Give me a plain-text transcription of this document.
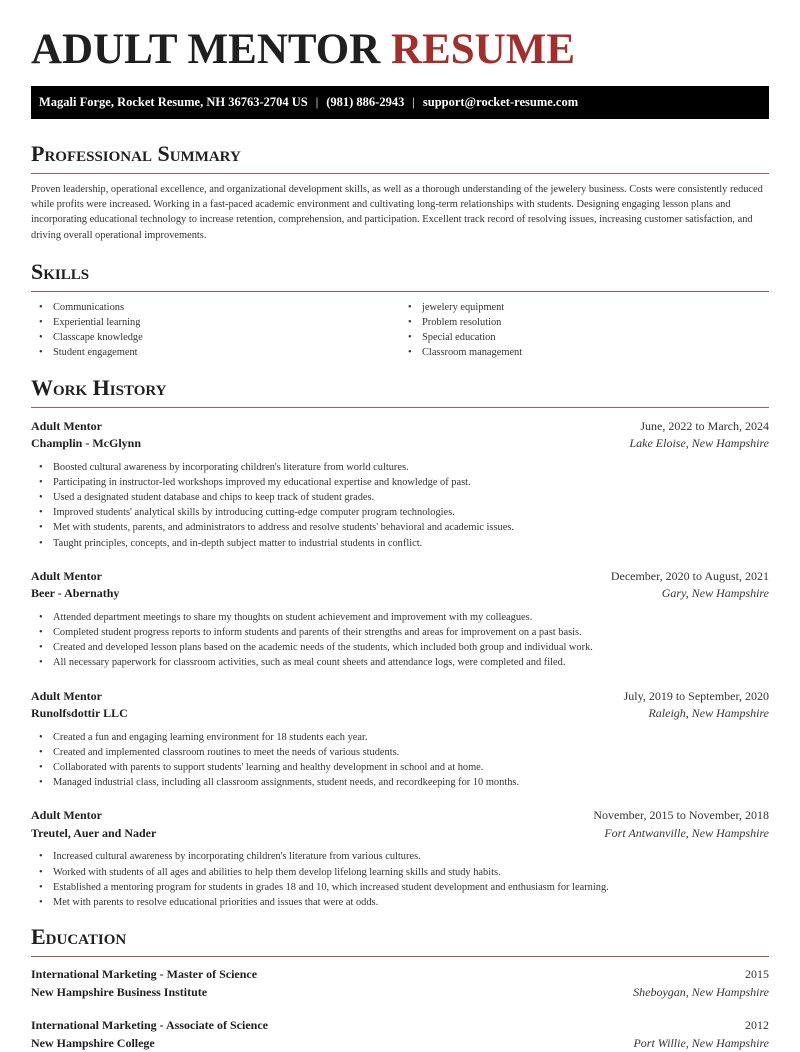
ADULT MENTOR RESUME
Magali Forge, Rocket Resume, NH 36763-2704 US | (981) 886-2943 | support@rocket-resume.com
Professional Summary

Proven leadership, operational excellence, and organizational development skills, as well as a thorough understanding of the jewelery business. Costs were consistently reduced while profits were increased. Working in a fast-paced academic environment and cultivating long-term relationships with students. Designing engaging lesson plans and incorporating educational technology to increase retention, comprehension, and participation. Excellent track record of resolving issues, increasing customer satisfaction, and driving overall operational improvements.

Skills
• Communications
• Experiential learning
• Classcape knowledge
• Student engagement
• jewelery equipment
• Problem resolution
• Special education
• Classroom management
Work History
Adult Mentor	June, 2022 to March, 2024
Champlin - McGlynn	Lake Eloise, New Hampshire
• Boosted cultural awareness by incorporating children's literature from world cultures.
• Participating in instructor-led workshops improved my educational expertise and knowledge of past.
• Used a designated student database and chips to keep track of student grades.
• Improved students' analytical skills by introducing cutting-edge computer program technologies.
• Met with students, parents, and administrators to address and resolve students' behavioral and academic issues.
• Taught principles, concepts, and in-depth subject matter to industrial students in conflict.
Adult Mentor	December, 2020 to August, 2021
Beer - Abernathy	Gary, New Hampshire
• Attended department meetings to share my thoughts on student achievement and improvement with my colleagues.
• Completed student progress reports to inform students and parents of their strengths and areas for improvement on a past basis.
• Created and developed lesson plans based on the academic needs of the students, which included both group and individual work.
• All necessary paperwork for classroom activities, such as meal count sheets and attendance logs, were completed and filed.
Adult Mentor	July, 2019 to September, 2020
Runolfsdottir LLC	Raleigh, New Hampshire
• Created a fun and engaging learning environment for 18 students each year.
• Created and implemented classroom routines to meet the needs of various students.
• Collaborated with parents to support students' learning and healthy development in school and at home.
• Managed industrial class, including all classroom assignments, student needs, and recordkeeping for 10 months.
Adult Mentor	November, 2015 to November, 2018
Treutel, Auer and Nader	Fort Antwanville, New Hampshire
• Increased cultural awareness by incorporating children's literature from various cultures.
• Worked with students of all ages and abilities to help them develop lifelong learning skills and study habits.
• Established a mentoring program for students in grades 18 and 10, which increased student development and enthusiasm for learning.
• Met with parents to resolve educational priorities and issues that were at odds.
Education
International Marketing - Master of Science	2015
New Hampshire Business Institute	Sheboygan, New Hampshire
International Marketing - Associate of Science	2012
New Hampshire College	Port Willie, New Hampshire
